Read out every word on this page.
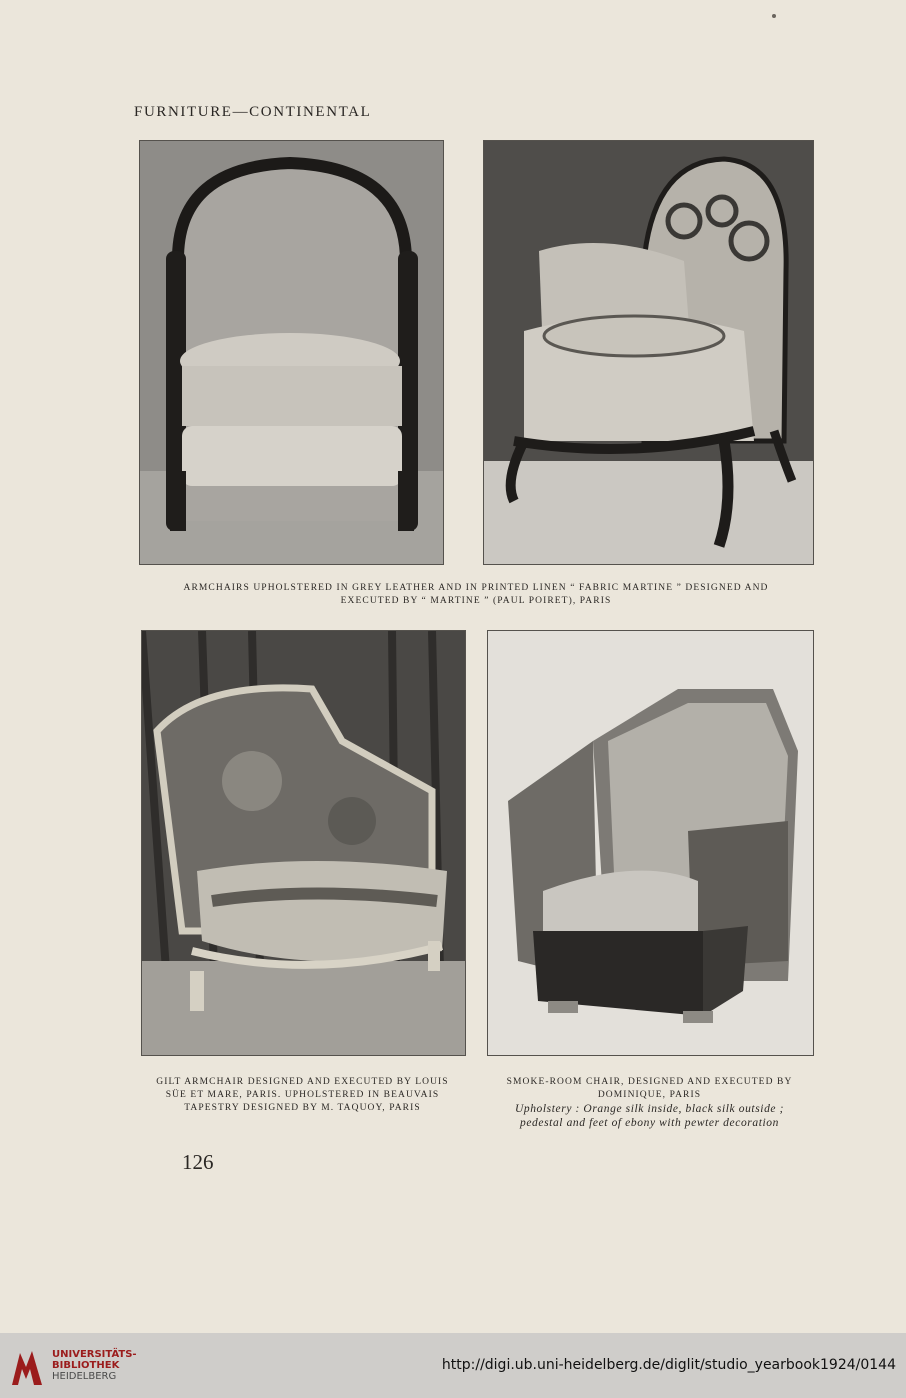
FURNITURE—CONTINENTAL
ARMCHAIRS UPHOLSTERED IN GREY LEATHER AND IN PRINTED LINEN “ FABRIC MARTINE ” DESIGNED AND
EXECUTED BY “ MARTINE ” (PAUL POIRET), PARIS
GILT ARMCHAIR DESIGNED AND EXECUTED BY LOUIS
SÜE ET MARE, PARIS. UPHOLSTERED IN BEAUVAIS
TAPESTRY DESIGNED BY M. TAQUOY, PARIS
SMOKE-ROOM CHAIR, DESIGNED AND EXECUTED BY
DOMINIQUE, PARIS
Upholstery : Orange silk inside, black silk outside ;
pedestal and feet of ebony with pewter decoration
126
UNIVERSITÄTS-
BIBLIOTHEK
HEIDELBERG
http://digi.ub.uni-heidelberg.de/diglit/studio_yearbook1924/0144
